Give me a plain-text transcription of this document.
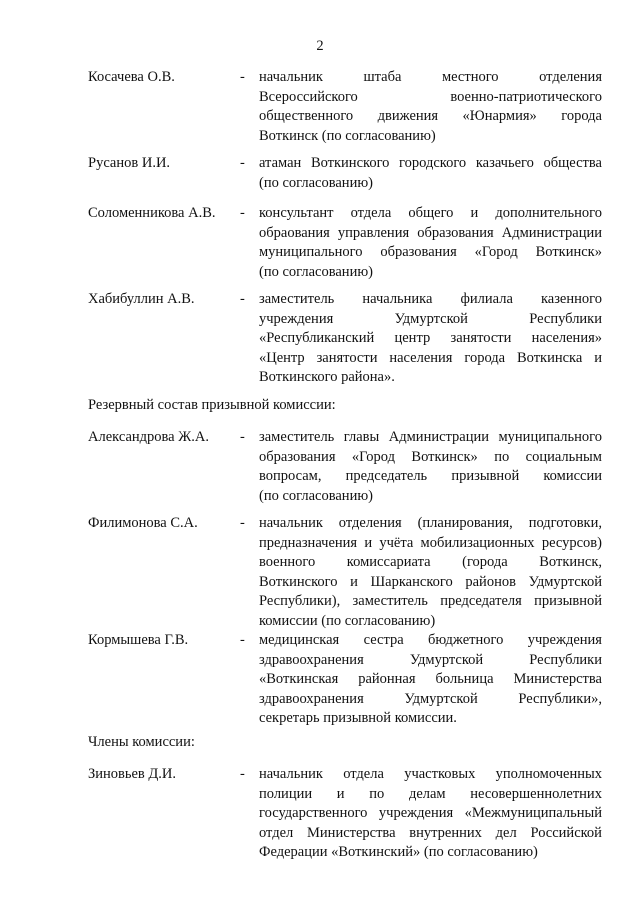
2
Косачева О.В.	- начальник	штаба	местного	отделения
Всероссийского	военно-патриотического
общественного движения «Юнармия» города
Воткинск (по согласованию)
Русанов И.И.	- атаман Воткинского городского казачьего общества
(по согласованию)
Соломенникова А.В. - консультант отдела общего и дополнительного
обраования управления образования Администрации
муниципального образования «Город Воткинск»
(по согласованию)
Хабибуллин А.В.	- заместитель начальника филиала казенного
учреждения	Удмуртской	Республики
«Республиканский центр занятости населения»
«Центр занятости населения города Воткинска и
Воткинского района».
Резервный состав призывной комиссии:
Александрова Ж.А. - заместитель главы Администрации муниципального
образования «Город Воткинск» по социальным
вопросам, председатель призывной комиссии
(по согласованию)
Филимонова С.А.	- начальник отделения (планирования, подготовки,
предназначения и учёта мобилизационных ресурсов)
военного комиссариата (города Воткинск,
Воткинского и Шарканского районов Удмуртской
Республики), заместитель председателя призывной
комиссии (по согласованию)
Кормышева Г.В.	- медицинская сестра бюджетного учреждения
здравоохранения	Удмуртской	Республики
«Воткинская районная больница Министерства
здравоохранения	Удмуртской	Республики»,
секретарь призывной комиссии.
Члены комиссии:
Зиновьев Д.И.	- начальник отдела участковых уполномоченных
полиции и по делам несовершеннолетних
государственного учреждения «Межмуниципальный
отдел Министерства внутренних дел Российской
Федерации «Воткинский» (по согласованию)
